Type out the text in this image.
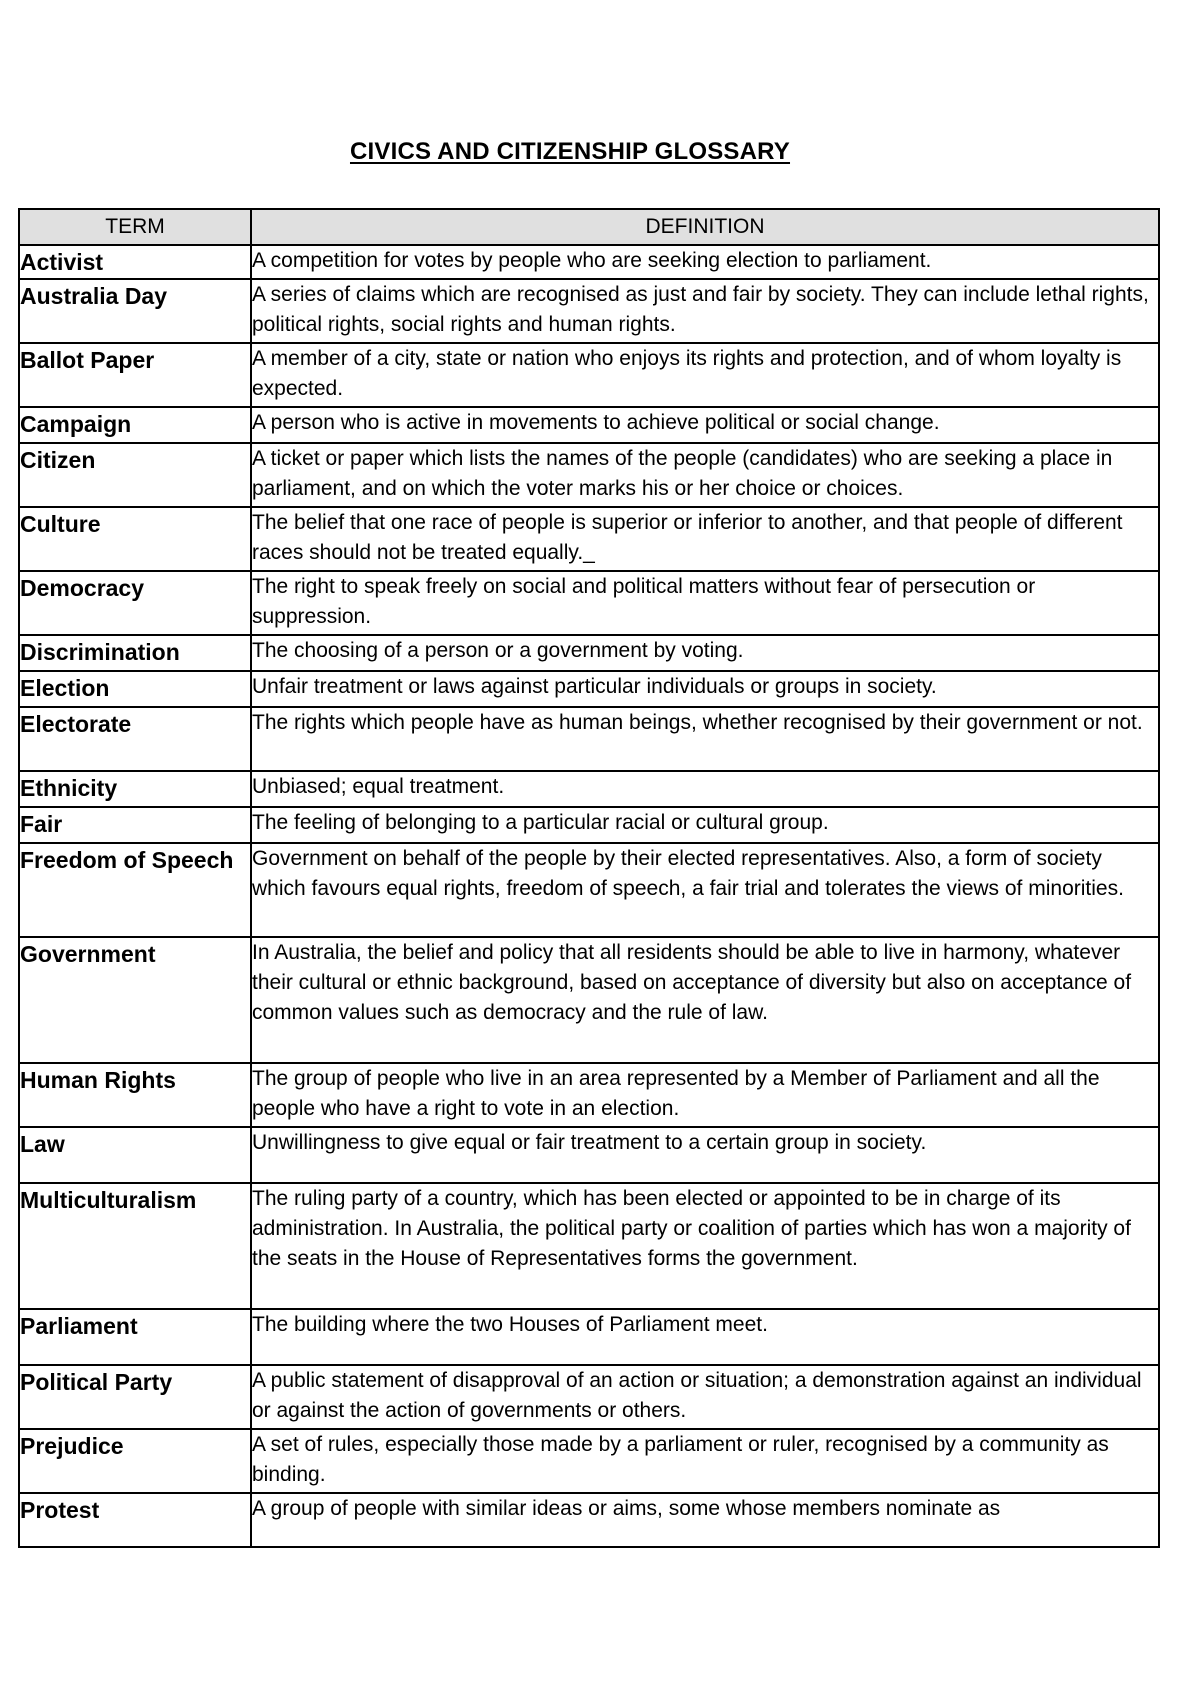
CIVICS AND CITIZENSHIP GLOSSARY
TERM	DEFINITION
Activist	A competition for votes by people who are seeking election to parliament.
Australia Day	A series of claims which are recognised as just and fair by society. They can include lethal rights, political rights, social rights and human rights.
Ballot Paper	A member of a city, state or nation who enjoys its rights and protection, and of whom loyalty is expected.
Campaign	A person who is active in movements to achieve political or social change.
Citizen	A ticket or paper which lists the names of the people (candidates) who are seeking a place in parliament, and on which the voter marks his or her choice or choices.
Culture	The belief that one race of people is superior or inferior to another, and that people of different races should not be treated equally._
Democracy	The right to speak freely on social and political matters without fear of persecution or suppression.
Discrimination	The choosing of a person or a government by voting.
Election	Unfair treatment or laws against particular individuals or groups in society.
Electorate	The rights which people have as human beings, whether recognised by their government or not.
Ethnicity	Unbiased; equal treatment.
Fair	The feeling of belonging to a particular racial or cultural group.
Freedom of Speech	Government on behalf of the people by their elected representatives. Also, a form of society which favours equal rights, freedom of speech, a fair trial and tolerates the views of minorities.
Government	In Australia, the belief and policy that all residents should be able to live in harmony, whatever their cultural or ethnic background, based on acceptance of diversity but also on acceptance of common values such as democracy and the rule of law.
Human Rights	The group of people who live in an area represented by a Member of Parliament and all the people who have a right to vote in an election.
Law	Unwillingness to give equal or fair treatment to a certain group in society.
Multiculturalism	The ruling party of a country, which has been elected or appointed to be in charge of its administration. In Australia, the political party or coalition of parties which has won a majority of the seats in the House of Representatives forms the government.
Parliament	The building where the two Houses of Parliament meet.
Political Party	A public statement of disapproval of an action or situation; a demonstration against an individual or against the action of governments or others.
Prejudice	A set of rules, especially those made by a parliament or ruler, recognised by a community as binding.
Protest	A group of people with similar ideas or aims, some whose members nominate as
